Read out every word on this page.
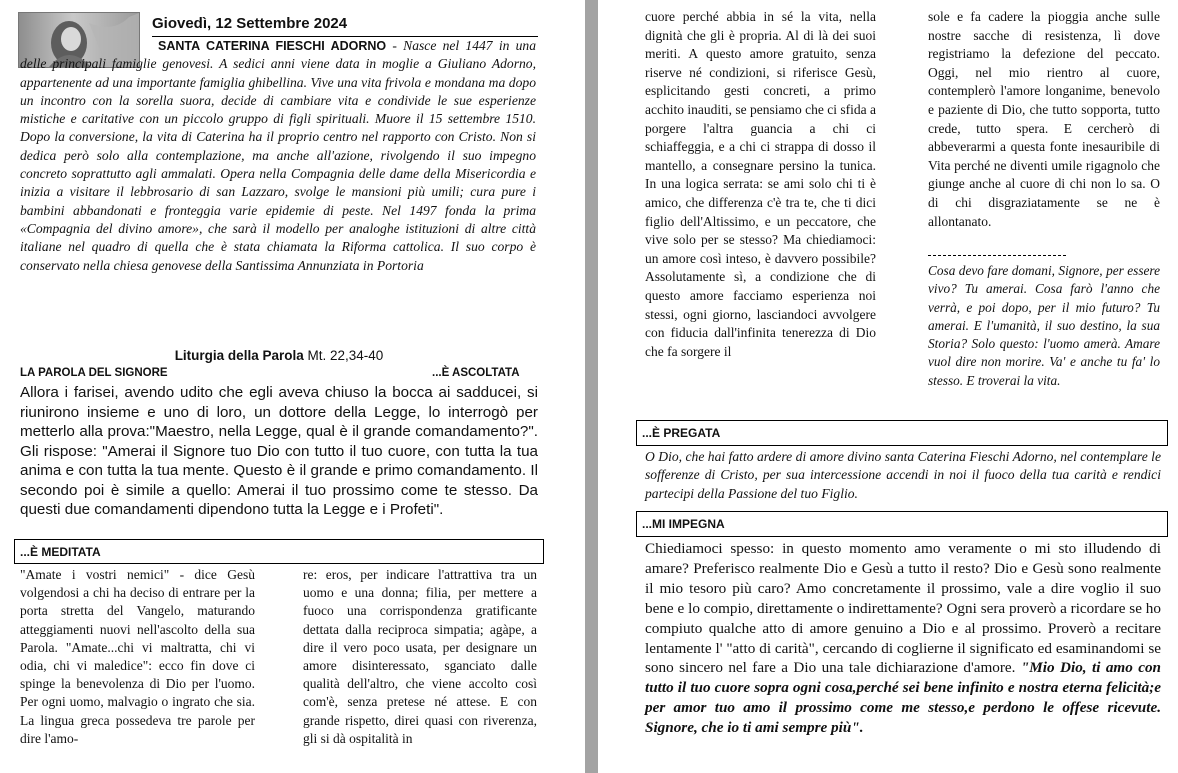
Giovedì, 12 Settembre 2024
SANTA CATERINA FIESCHI ADORNO - Nasce nel 1447 in una delle principali famiglie genovesi. A sedici anni viene data in moglie a Giuliano Adorno, appartenente ad una importante famiglia ghibellina. Vive una vita frivola e mondana ma dopo un incontro con la sorella suora, decide di cambiare vita e condivide le sue esperienze mistiche e caritative con un piccolo gruppo di figli spirituali. Muore il 15 settembre 1510. Dopo la conversione, la vita di Caterina ha il proprio centro nel rapporto con Cristo. Non si dedica però solo alla contemplazione, ma anche all'azione, rivolgendo il suo impegno concreto soprattutto agli ammalati. Opera nella Compagnia delle dame della Misericordia e inizia a visitare il lebbrosario di san Lazzaro, svolge le mansioni più umili; cura pure i bambini abbandonati e fronteggia varie epidemie di peste. Nel 1497 fonda la prima «Compagnia del divino amore», che sarà il modello per analoghe istituzioni di altre città italiane nel quadro di quella che è stata chiamata la Riforma cattolica. Il suo corpo è conservato nella chiesa genovese della Santissima Annunziata in Portoria
Liturgia della Parola Mt. 22,34-40
LA PAROLA DEL SIGNORE	...È ASCOLTATA
Allora i farisei, avendo udito che egli aveva chiuso la bocca ai sadducei, si riunirono insieme e uno di loro, un dottore della Legge, lo interrogò per metterlo alla prova:"Maestro, nella Legge, qual è il grande comandamento?". Gli rispose: "Amerai il Signore tuo Dio con tutto il tuo cuore, con tutta la tua anima e con tutta la tua mente. Questo è il grande e primo comandamento. Il secondo poi è simile a quello: Amerai il tuo prossimo come te stesso. Da questi due comandamenti dipendono tutta la Legge e i Profeti".
...È MEDITATA
"Amate i vostri nemici" - dice Gesù volgendosi a chi ha deciso di entrare per la porta stretta del Vangelo, maturando atteggiamenti nuovi nell'ascolto della sua Parola. "Amate...chi vi maltratta, chi vi odia, chi vi maledice": ecco fin dove ci spinge la benevolenza di Dio per l'uomo. Per ogni uomo, malvagio o ingrato che sia. La lingua greca possedeva tre parole per dire l'amo-
re: eros, per indicare l'attrattiva tra un uomo e una donna; filia, per mettere a fuoco una corrispondenza gratificante dettata dalla reciproca simpatia; agàpe, a dire il vero poco usata, per designare un amore disinteressato, sganciato dalle qualità dell'altro, che viene accolto così com'è, senza pretese né attese. E con grande rispetto, direi quasi con riverenza, gli si dà ospitalità in
cuore perché abbia in sé la vita, nella dignità che gli è propria. Al di là dei suoi meriti. A questo amore gratuito, senza riserve né condizioni, si riferisce Gesù, esplicitando gesti concreti, a primo acchito inauditi, se pensiamo che ci sfida a porgere l'altra guancia a chi ci schiaffeggia, e a chi ci strappa di dosso il mantello, a consegnare persino la tunica. In una logica serrata: se ami solo chi ti è amico, che differenza c'è tra te, che ti dici figlio dell'Altissimo, e un peccatore, che vive solo per se stesso? Ma chiediamoci: un amore così inteso, è davvero possibile? Assolutamente sì, a condizione che di questo amore facciamo esperienza noi stessi, ogni giorno, lasciandoci avvolgere con fiducia dall'infinita tenerezza di Dio che fa sorgere il
sole e fa cadere la pioggia anche sulle nostre sacche di resistenza, lì dove registriamo la defezione del peccato. Oggi, nel mio rientro al cuore, contemplerò l'amore longanime, benevolo e paziente di Dio, che tutto sopporta, tutto crede, tutto spera. E cercherò di abbeverarmi a questa fonte inesauribile di Vita perché ne diventi umile rigagnolo che giunge anche al cuore di chi non lo sa. O di chi disgraziatamente se ne è allontanato.
Cosa devo fare domani, Signore, per essere vivo? Tu amerai. Cosa farò l'anno che verrà, e poi dopo, per il mio futuro? Tu amerai. E l'umanità, il suo destino, la sua Storia? Solo questo: l'uomo amerà. Amare vuol dire non morire. Va' e anche tu fa' lo stesso. E troverai la vita.
...È PREGATA
O Dio, che hai fatto ardere di amore divino santa Caterina Fieschi Adorno, nel contemplare le sofferenze di Cristo, per sua intercessione accendi in noi il fuoco della tua carità e rendici partecipi della Passione del tuo Figlio.
...MI IMPEGNA
Chiediamoci spesso: in questo momento amo veramente o mi sto illudendo di amare? Preferisco realmente Dio e Gesù a tutto il resto? Dio e Gesù sono realmente il mio tesoro più caro? Amo concretamente il prossimo, vale a dire voglio il suo bene e lo compio, direttamente o indirettamente? Ogni sera proverò a ricordare se ho compiuto qualche atto di amore genuino a Dio e al prossimo. Proverò a recitare lentamente l' "atto di carità", cercando di coglierne il significato ed esaminandomi se sono sincero nel fare a Dio una tale dichiarazione d'amore. "Mio Dio, ti amo con tutto il tuo cuore sopra ogni cosa,perché sei bene infinito e nostra eterna felicità;e per amor tuo amo il prossimo come me stesso,e perdono le offese ricevute. Signore, che io ti ami sempre più".
